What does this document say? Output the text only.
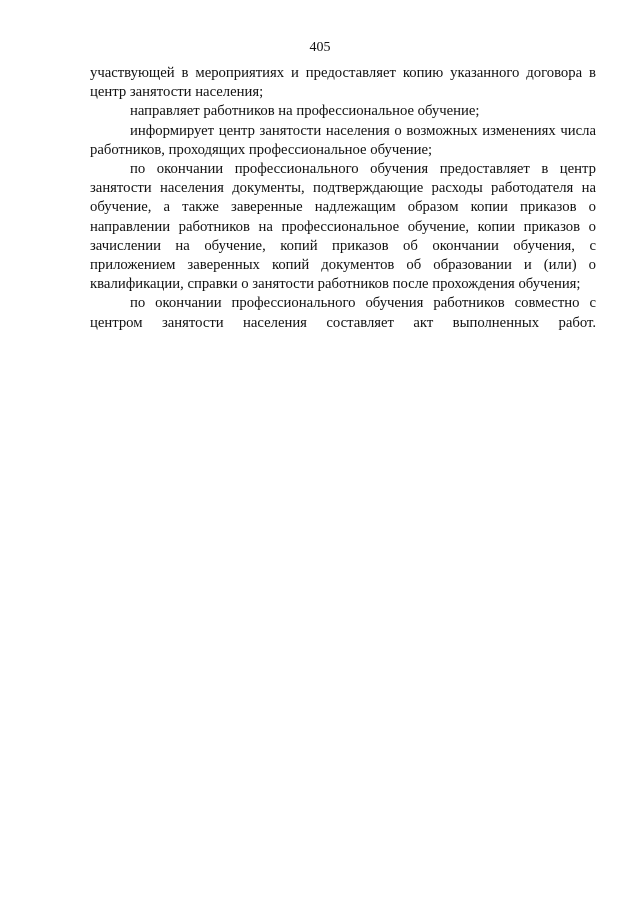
405

участвующей в мероприятиях и предоставляет копию указанного договора в центр занятости населения;

направляет работников на профессиональное обучение;

информирует центр занятости населения о возможных изменениях числа работников, проходящих профессиональное обучение;

по окончании профессионального обучения предоставляет в центр занятости населения документы, подтверждающие расходы работодателя на обучение, а также заверенные надлежащим образом копии приказов о направлении работников на профессиональное обучение, копии приказов о зачислении на обучение, копий приказов об окончании обучения, с приложением заверенных копий документов об образовании и (или) о квалификации, справки о занятости работников после прохождения обучения;

по окончании профессионального обучения работников совместно с центром занятости населения составляет акт выполненных работ.
